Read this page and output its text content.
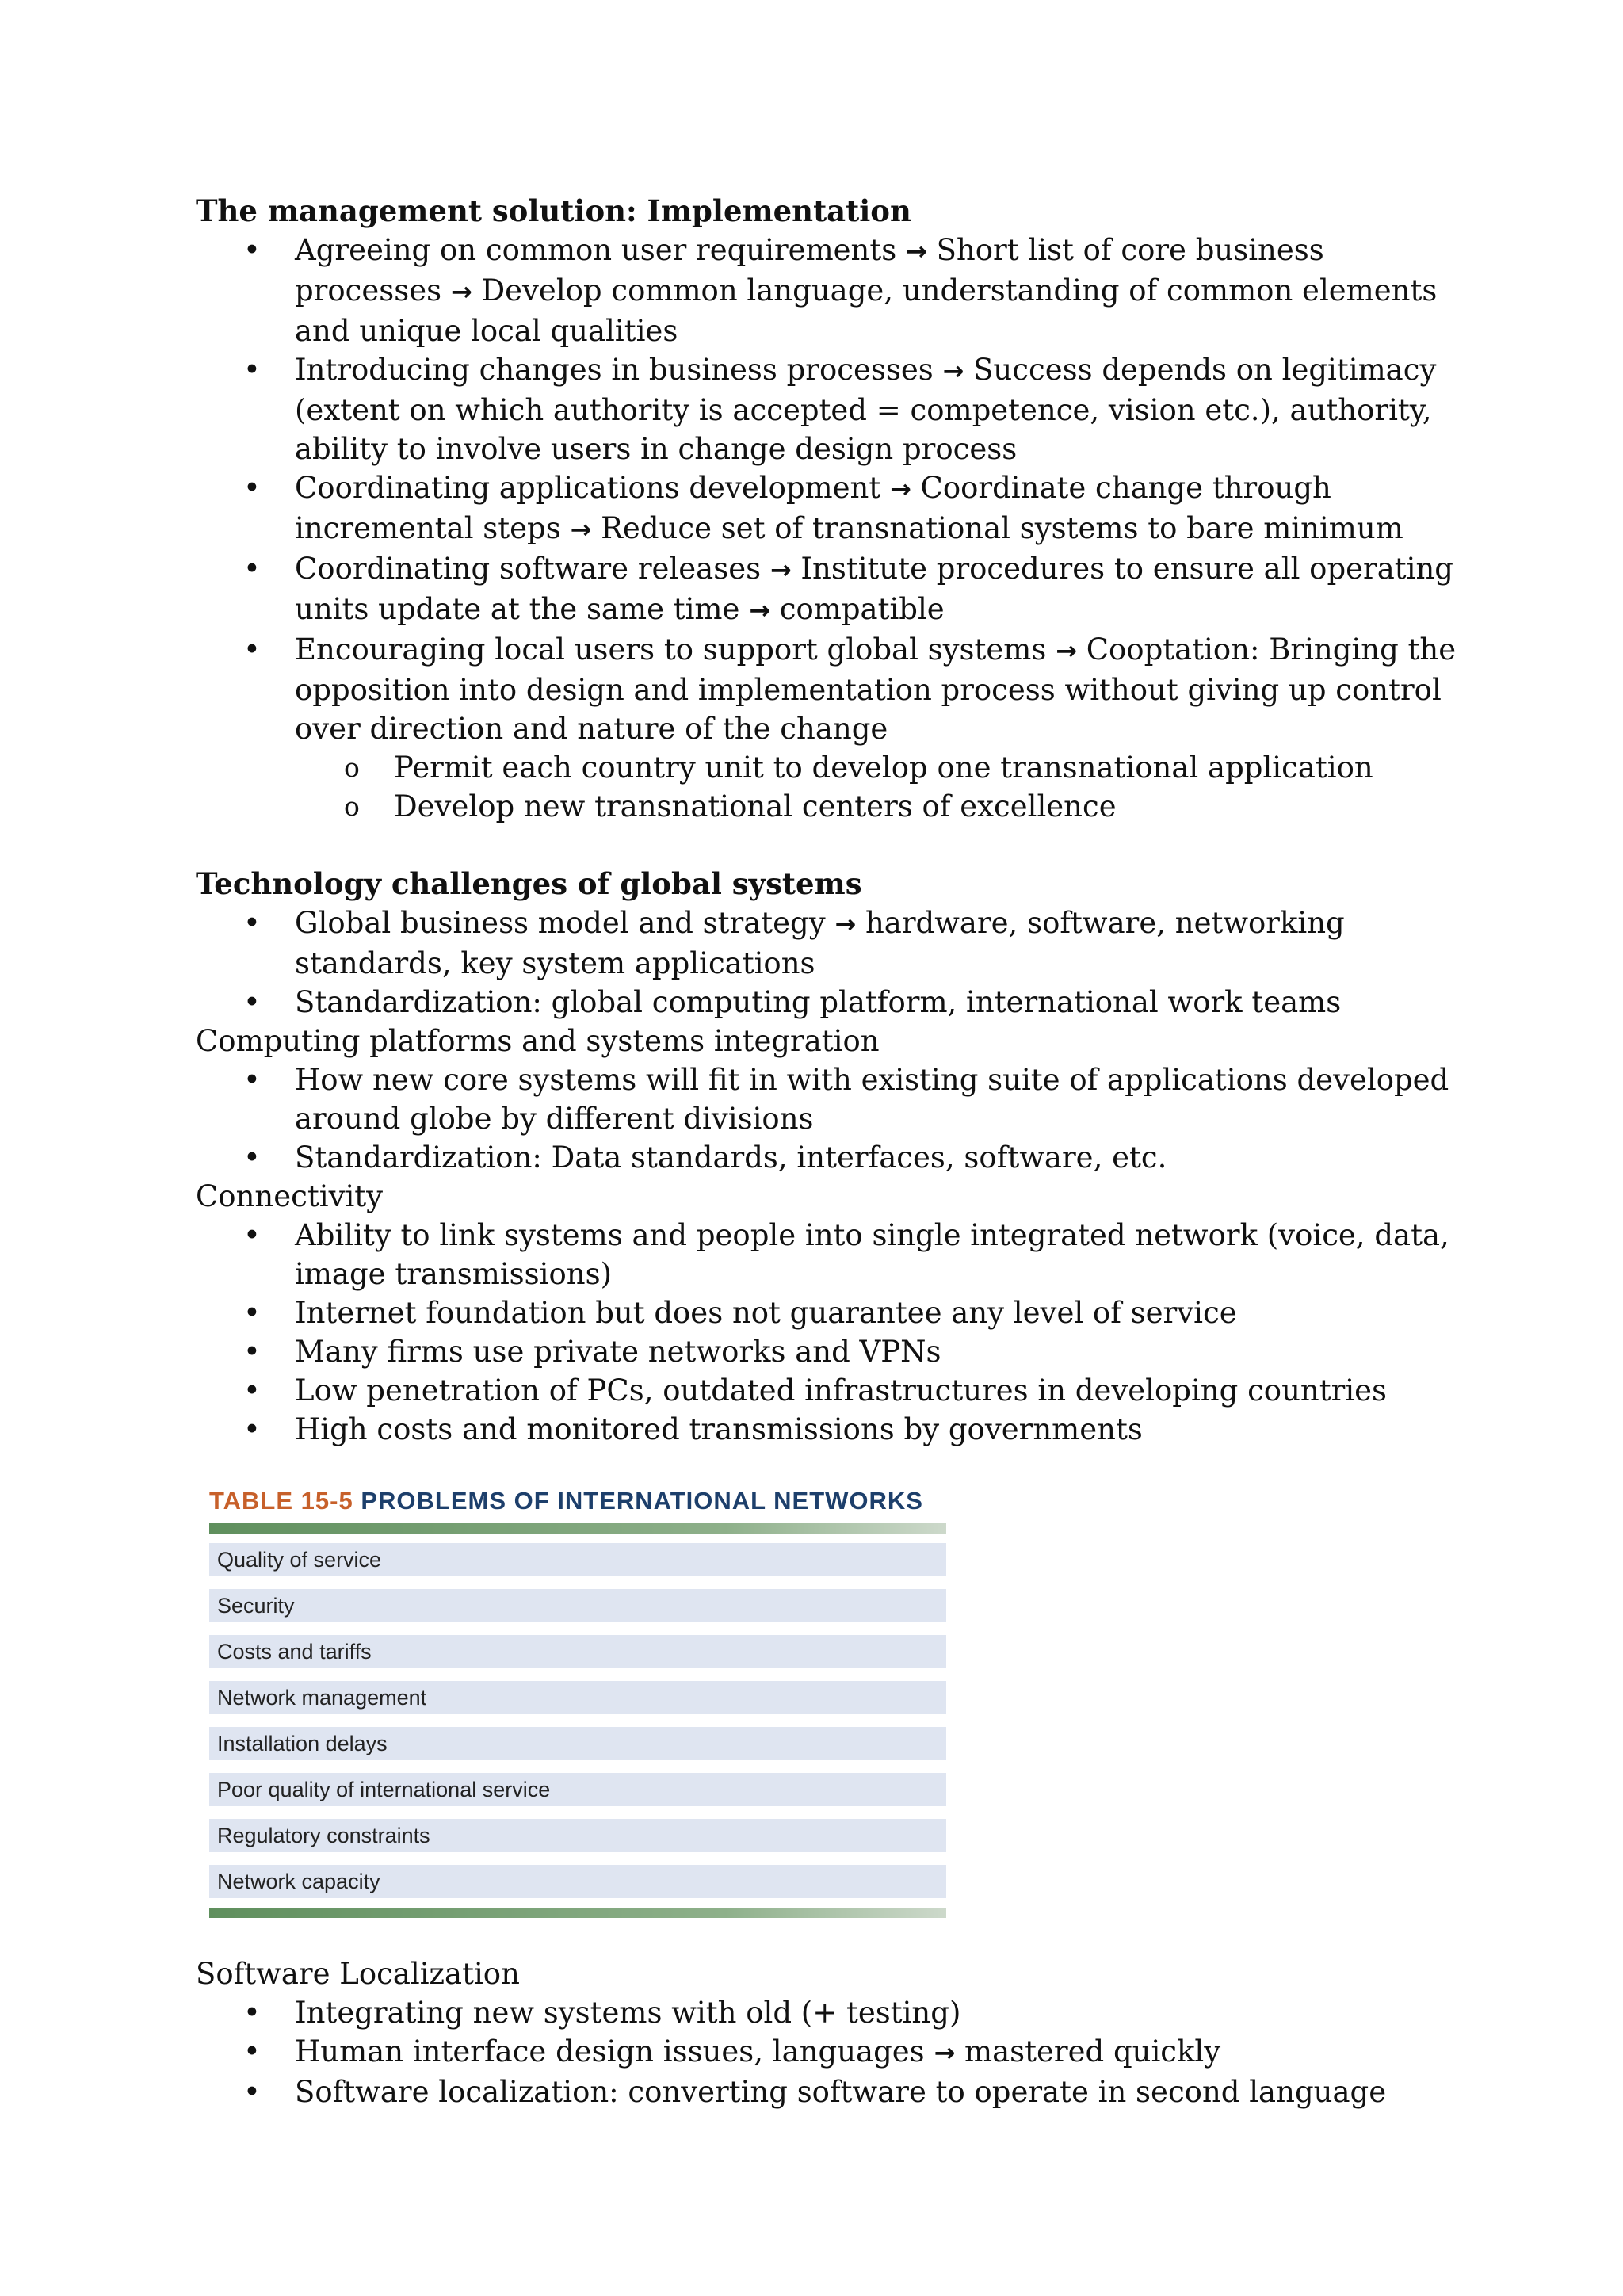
The management solution: Implementation
• Agreeing on common user requirements → Short list of core business processes → Develop common language, understanding of common elements and unique local qualities
• Introducing changes in business processes → Success depends on legitimacy (extent on which authority is accepted = competence, vision etc.), authority, ability to involve users in change design process
• Coordinating applications development → Coordinate change through incremental steps → Reduce set of transnational systems to bare minimum
• Coordinating software releases → Institute procedures to ensure all operating units update at the same time → compatible
• Encouraging local users to support global systems → Cooptation: Bringing the opposition into design and implementation process without giving up control over direction and nature of the change
o Permit each country unit to develop one transnational application
o Develop new transnational centers of excellence
Technology challenges of global systems
• Global business model and strategy → hardware, software, networking standards, key system applications
• Standardization: global computing platform, international work teams
Computing platforms and systems integration
• How new core systems will fit in with existing suite of applications developed around globe by different divisions
• Standardization: Data standards, interfaces, software, etc.
Connectivity
• Ability to link systems and people into single integrated network (voice, data, image transmissions)
• Internet foundation but does not guarantee any level of service
• Many firms use private networks and VPNs
• Low penetration of PCs, outdated infrastructures in developing countries
• High costs and monitored transmissions by governments
TABLE 15-5 PROBLEMS OF INTERNATIONAL NETWORKS
Quality of service
Security
Costs and tariffs
Network management
Installation delays
Poor quality of international service
Regulatory constraints
Network capacity
Software Localization
• Integrating new systems with old (+ testing)
• Human interface design issues, languages → mastered quickly
• Software localization: converting software to operate in second language
